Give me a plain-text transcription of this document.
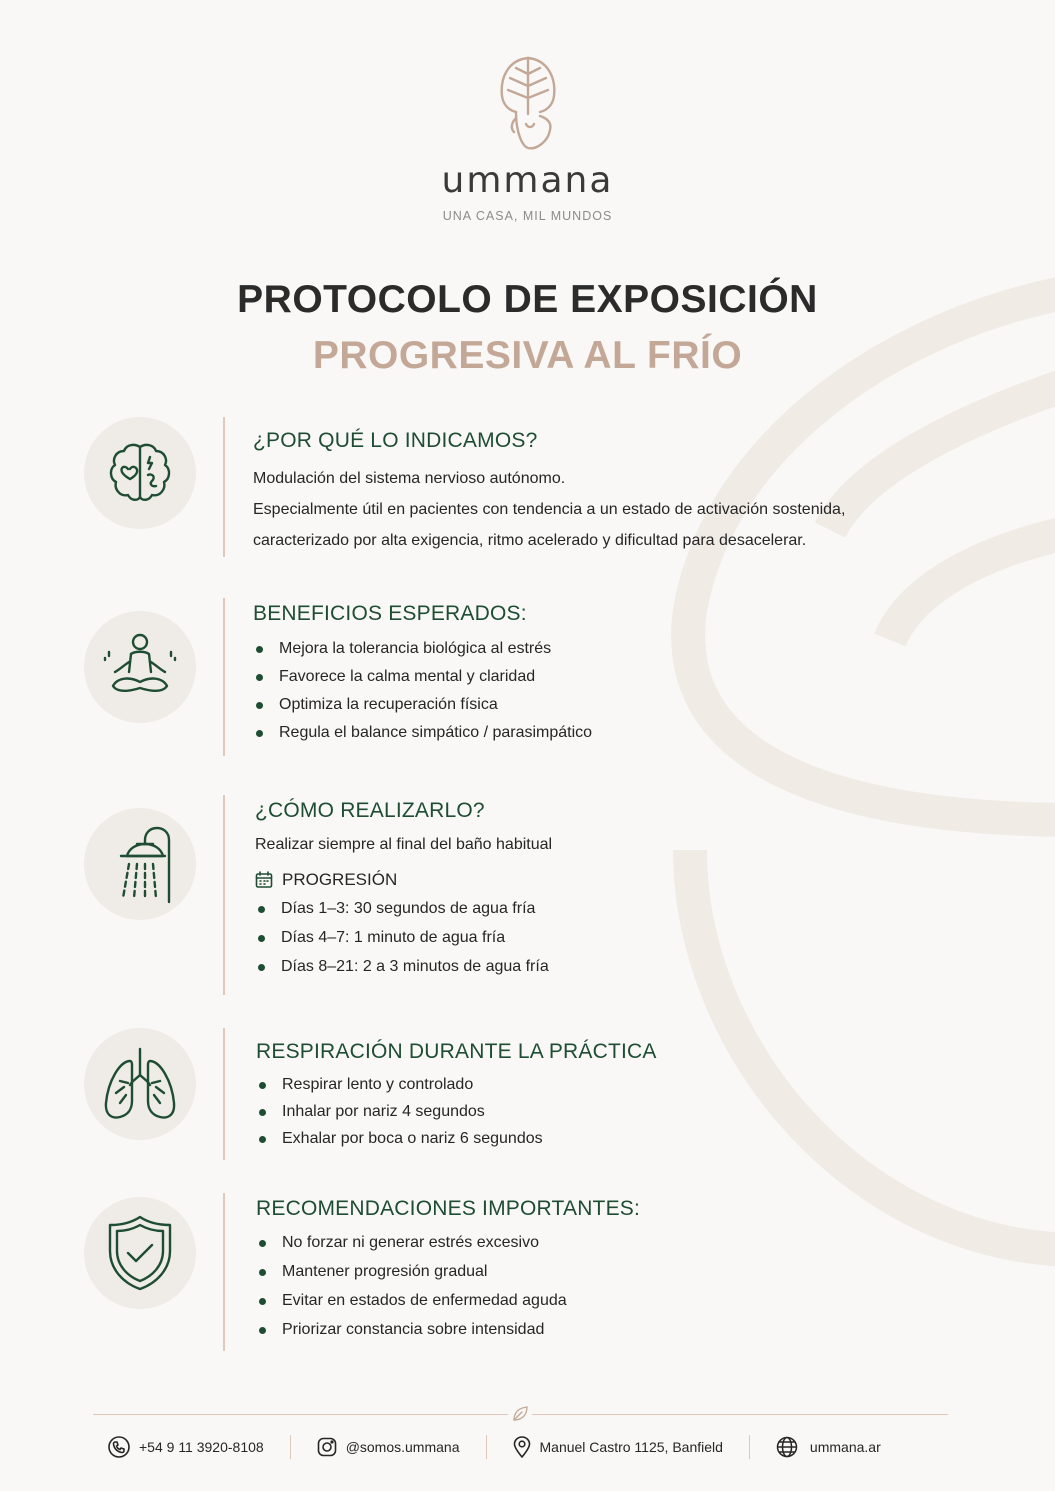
ummana
UNA CASA, MIL MUNDOS
PROTOCOLO DE EXPOSICIÓN
PROGRESIVA AL FRÍO
¿POR QUÉ LO INDICAMOS?
Modulación del sistema nervioso autónomo.
Especialmente útil en pacientes con tendencia a un estado de activación sostenida,
caracterizado por alta exigencia, ritmo acelerado y dificultad para desacelerar.
BENEFICIOS ESPERADOS:
Mejora la tolerancia biológica al estrés
Favorece la calma mental y claridad
Optimiza la recuperación física
Regula el balance simpático / parasimpático
¿CÓMO REALIZARLO?
Realizar siempre al final del baño habitual
PROGRESIÓN
Días 1–3: 30 segundos de agua fría
Días 4–7: 1 minuto de agua fría
Días 8–21: 2 a 3 minutos de agua fría
RESPIRACIÓN DURANTE LA PRÁCTICA
Respirar lento y controlado
Inhalar por nariz 4 segundos
Exhalar por boca o nariz 6 segundos
RECOMENDACIONES IMPORTANTES:
No forzar ni generar estrés excesivo
Mantener progresión gradual
Evitar en estados de enfermedad aguda
Priorizar constancia sobre intensidad
+54 9 11 3920-8108	@somos.ummana	Manuel Castro 1125, Banfield	ummana.ar
